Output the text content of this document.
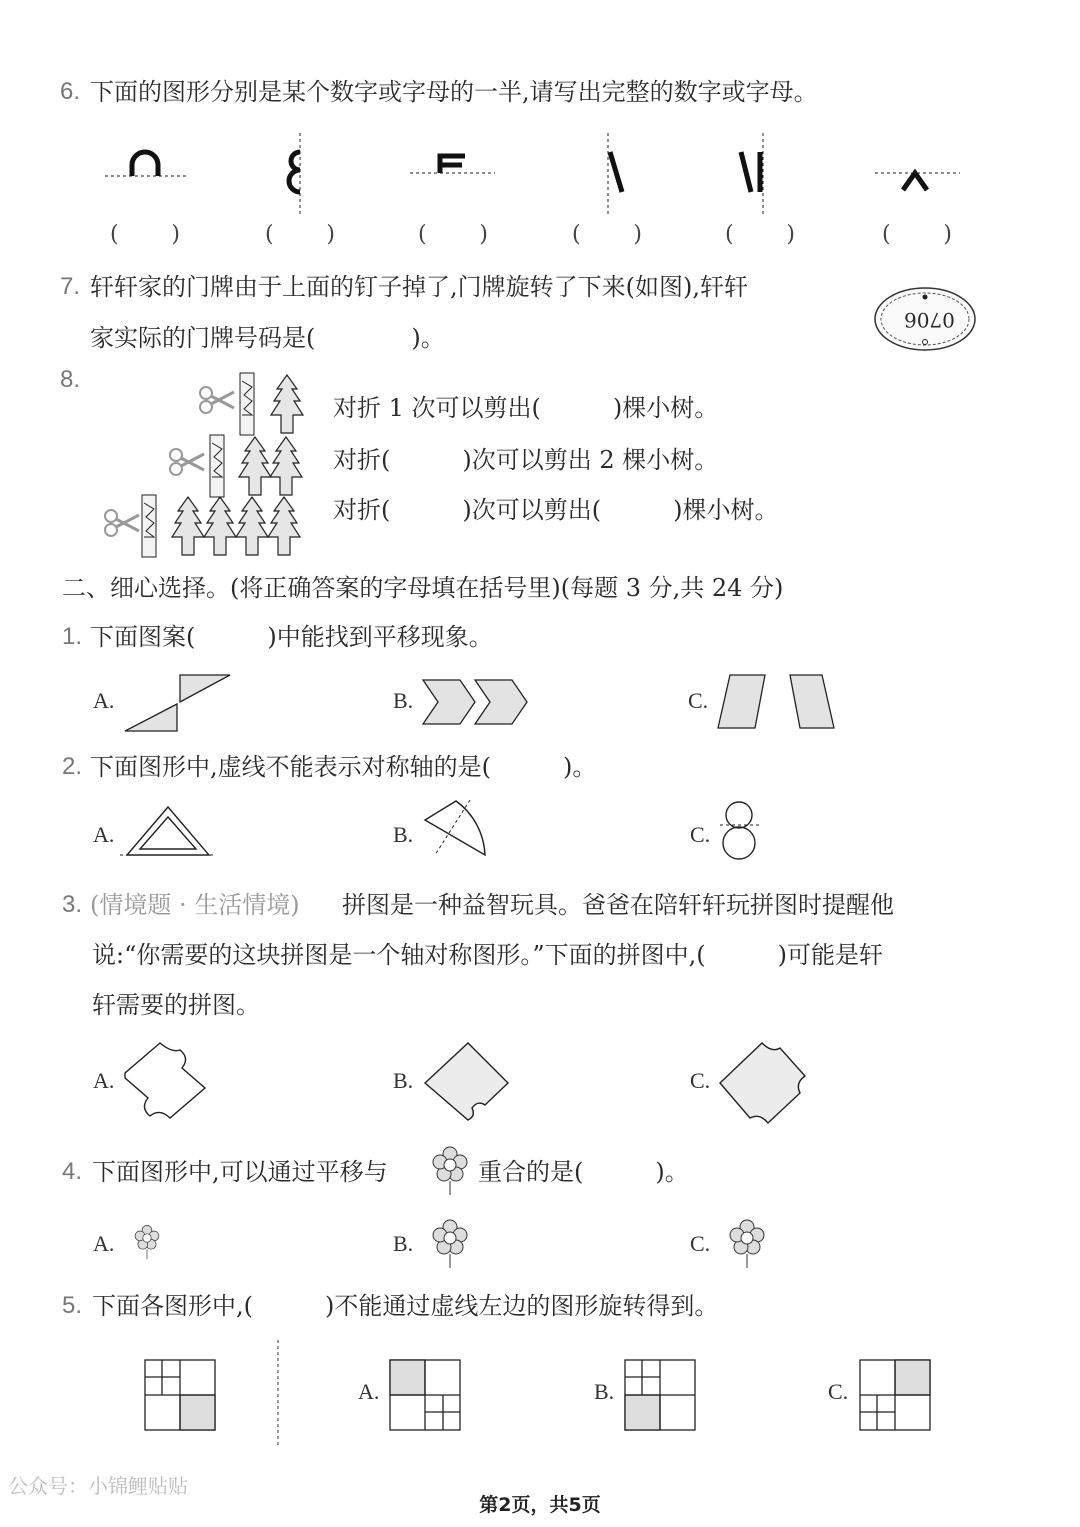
6. 下面的图形分别是某个数字或字母的一半,请写出完整的数字或字母。
( )	( )	( )	( )	( )	( )
7. 轩轩家的门牌由于上面的钉子掉了,门牌旋转了下来(如图),轩轩
家实际的门牌号码是(　　　　)。
0706
8.
对折 1 次可以剪出(　　　)棵小树。
对折(　　　)次可以剪出 2 棵小树。
对折(　　　)次可以剪出(　　　)棵小树。
二、细心选择。(将正确答案的字母填在括号里)(每题 3 分,共 24 分)
1. 下面图案(　　　)中能找到平移现象。
A.	B.	C.
2. 下面图形中,虚线不能表示对称轴的是(　　　)。
A.	B.	C.
3. (情境题 · 生活情境) 拼图是一种益智玩具。爸爸在陪轩轩玩拼图时提醒他
说:“你需要的这块拼图是一个轴对称图形。”下面的拼图中,(　　　)可能是轩
轩需要的拼图。
A.	B.	C.
4. 下面图形中,可以通过平移与	重合的是(　　　)。
A.	B.	C.
5. 下面各图形中,(　　　)不能通过虚线左边的图形旋转得到。
A.	B.	C.
公众号：小锦鲤贴贴
第2页，共5页
